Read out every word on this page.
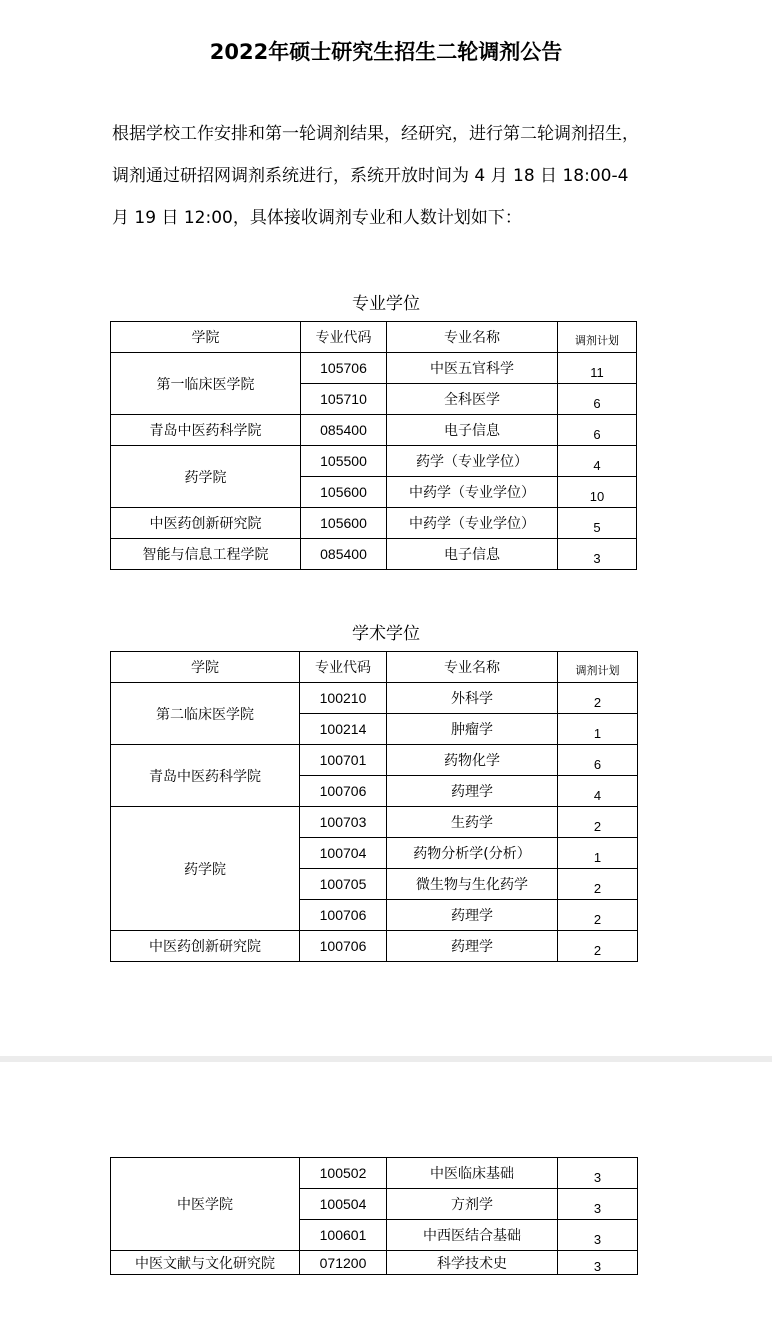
2022年硕士研究生招生二轮调剂公告
根据学校工作安排和第一轮调剂结果，经研究，进行第二轮调剂招生，
调剂通过研招网调剂系统进行，系统开放时间为 4 月 18 日 18:00-4
月 19 日 12:00，具体接收调剂专业和人数计划如下：
专业学位
学院	专业代码	专业名称	调剂计划
第一临床医学院	105706	中医五官科学	11
	105710	全科医学	6
青岛中医药科学院	085400	电子信息	6
药学院	105500	药学（专业学位）	4
	105600	中药学（专业学位）	10
中医药创新研究院	105600	中药学（专业学位）	5
智能与信息工程学院	085400	电子信息	3
学术学位
学院	专业代码	专业名称	调剂计划
第二临床医学院	100210	外科学	2
	100214	肿瘤学	1
青岛中医药科学院	100701	药物化学	6
	100706	药理学	4
药学院	100703	生药学	2
	100704	药物分析学(分析）	1
	100705	微生物与生化药学	2
	100706	药理学	2
中医药创新研究院	100706	药理学	2
中医学院	100502	中医临床基础	3
	100504	方剂学	3
	100601	中西医结合基础	3
中医文献与文化研究院	071200	科学技术史	3
